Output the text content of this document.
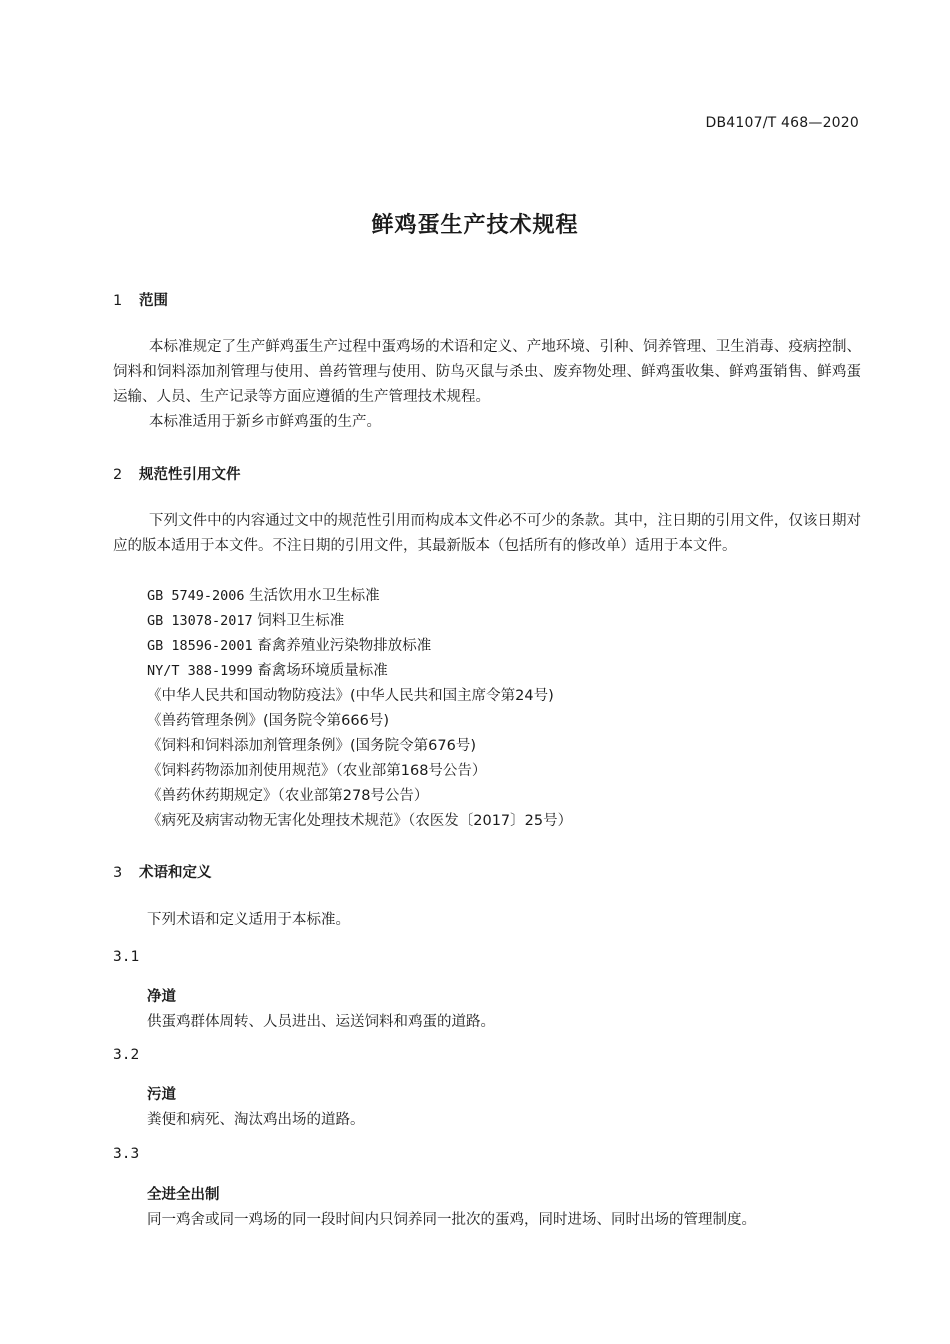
DB4107/T 468—2020
鲜鸡蛋生产技术规程
1 范围
本标准规定了生产鲜鸡蛋生产过程中蛋鸡场的术语和定义、产地环境、引种、饲养管理、卫生消毒、疫病控制、饲料和饲料添加剂管理与使用、兽药管理与使用、防鸟灭鼠与杀虫、废弃物处理、鲜鸡蛋收集、鲜鸡蛋销售、鲜鸡蛋运输、人员、生产记录等方面应遵循的生产管理技术规程。
本标准适用于新乡市鲜鸡蛋的生产。
2 规范性引用文件
下列文件中的内容通过文中的规范性引用而构成本文件必不可少的条款。其中，注日期的引用文件，仅该日期对应的版本适用于本文件。不注日期的引用文件，其最新版本（包括所有的修改单）适用于本文件。
GB 5749-2006 生活饮用水卫生标准
GB 13078-2017 饲料卫生标准
GB 18596-2001 畜禽养殖业污染物排放标准
NY/T 388-1999 畜禽场环境质量标准
《中华人民共和国动物防疫法》(中华人民共和国主席令第24号)
《兽药管理条例》(国务院令第666号)
《饲料和饲料添加剂管理条例》(国务院令第676号)
《饲料药物添加剂使用规范》（农业部第168号公告）
《兽药休药期规定》（农业部第278号公告）
《病死及病害动物无害化处理技术规范》（农医发〔2017〕25号）
3 术语和定义
下列术语和定义适用于本标准。
3.1
净道
供蛋鸡群体周转、人员进出、运送饲料和鸡蛋的道路。
3.2
污道
粪便和病死、淘汰鸡出场的道路。
3.3
全进全出制
同一鸡舍或同一鸡场的同一段时间内只饲养同一批次的蛋鸡，同时进场、同时出场的管理制度。
